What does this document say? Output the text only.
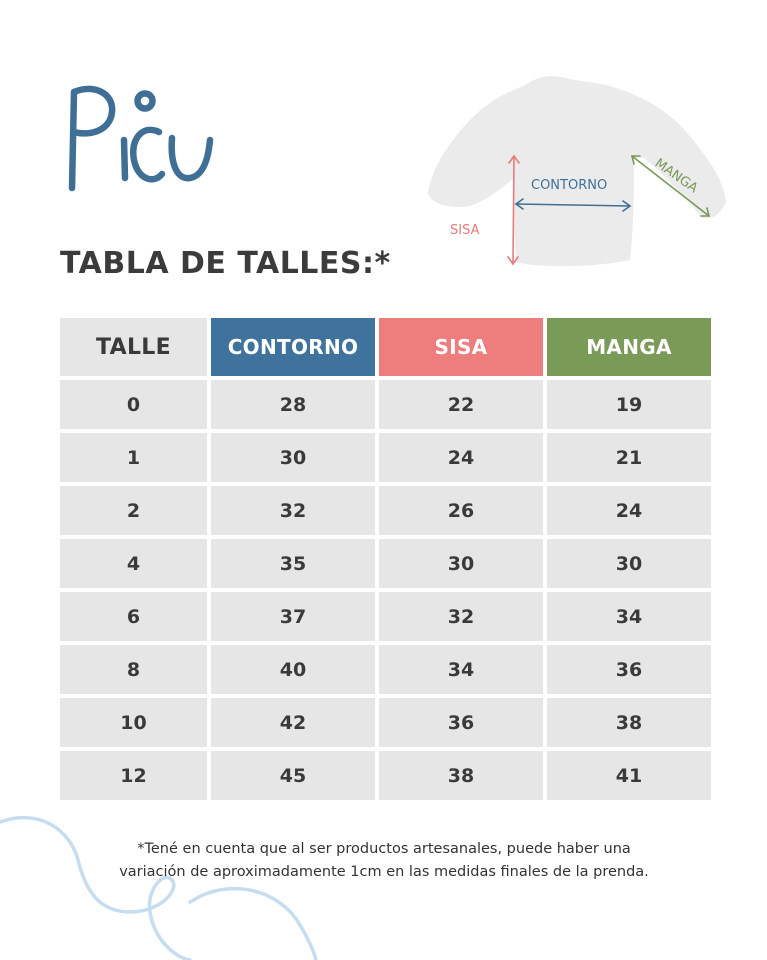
TABLA DE TALLES:*
CONTORNO
SISA
MANGA
TALLE	CONTORNO	SISA	MANGA
0	28	22	19
1	30	24	21
2	32	26	24
4	35	30	30
6	37	32	34
8	40	34	36
10	42	36	38
12	45	38	41

*Tené en cuenta que al ser productos artesanales, puede haber una
variación de aproximadamente 1cm en las medidas finales de la prenda.
